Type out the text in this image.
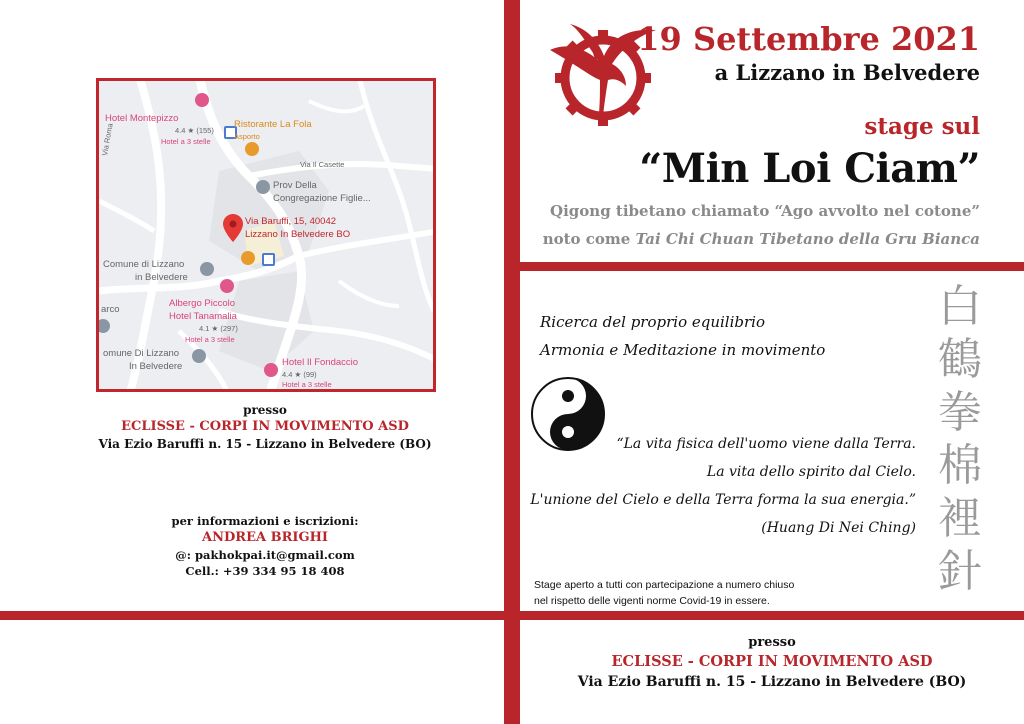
Hotel Montepizzo
4.4 ★ (155)
Hotel a 3 stelle
Ristorante La Fola
Asporto
Via Roma
Via Il Casette
Prov Della
Congregazione Figlie...
Via Baruffi, 15, 40042
Lizzano In Belvedere BO
Comune di Lizzano
in Belvedere
Albergo Piccolo
Hotel Tanamalia
4.1 ★ (297)
Hotel a 3 stelle
arco
omune Di Lizzano
In Belvedere	Hotel Il Fondaccio
4.4 ★ (99)
Hotel a 3 stelle
presso
ECLISSE - CORPI IN MOVIMENTO ASD
Via Ezio Baruffi n. 15 - Lizzano in Belvedere (BO)
per informazioni e iscrizioni:
ANDREA BRIGHI
@: pakhokpai.it@gmail.com
Cell.: +39 334 95 18 408
19 Settembre 2021
a Lizzano in Belvedere
stage sul
“Min Loi Ciam”
Qigong tibetano chiamato “Ago avvolto nel cotone”
noto come Tai Chi Chuan Tibetano della Gru Bianca
Ricerca del proprio equilibrio
Armonia e Meditazione in movimento
“La vita fisica dell'uomo viene dalla Terra.
La vita dello spirito dal Cielo.
L'unione del Cielo e della Terra forma la sua energia.”
(Huang Di Nei Ching)
白
鶴
拳
棉
裡
針
Stage aperto a tutti con partecipazione a numero chiuso
nel rispetto delle vigenti norme Covid-19 in essere.
presso
ECLISSE - CORPI IN MOVIMENTO ASD
Via Ezio Baruffi n. 15 - Lizzano in Belvedere (BO)
